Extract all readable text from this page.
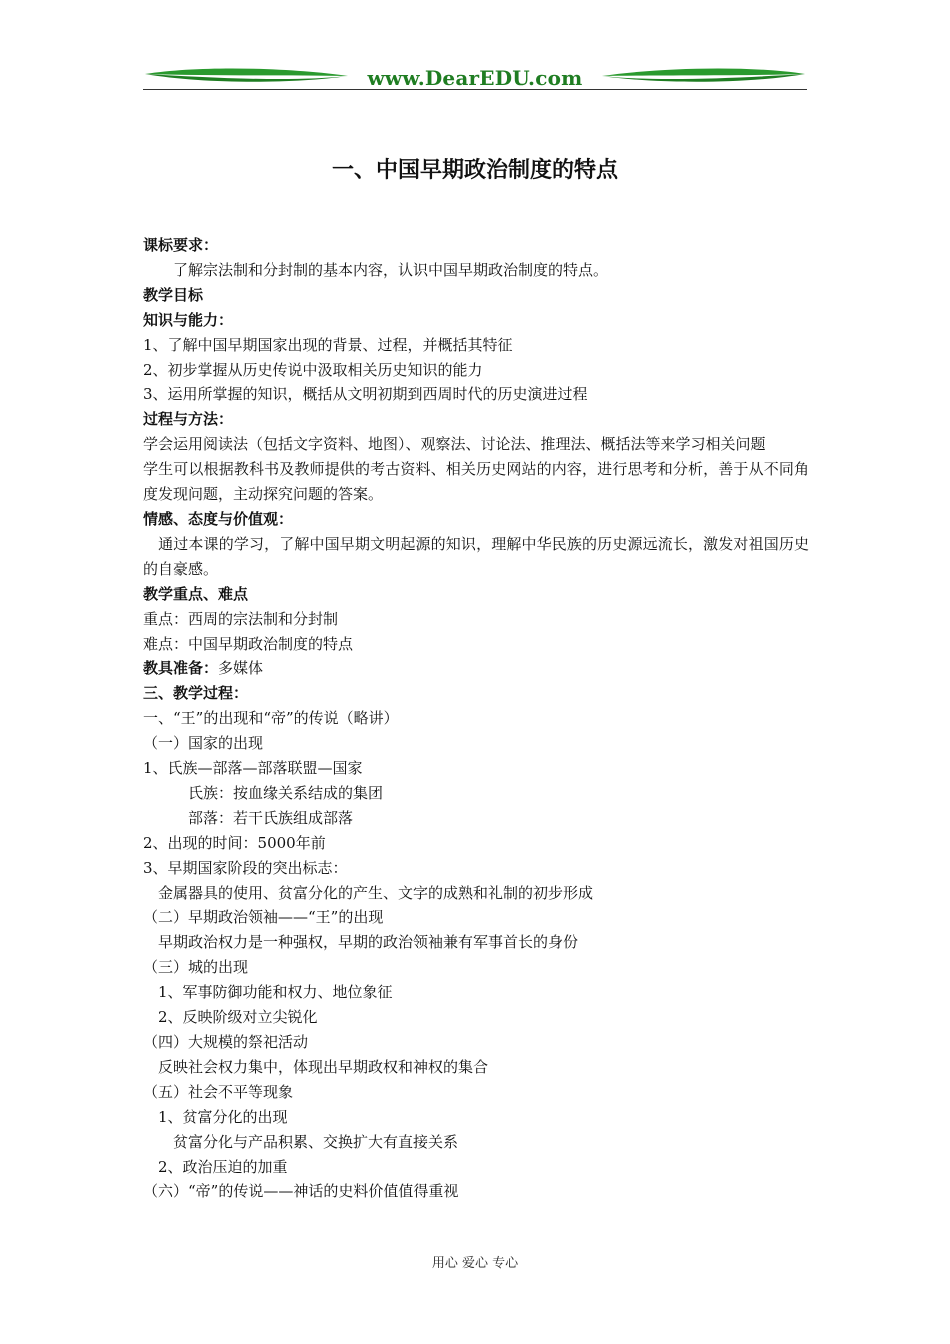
www.DearEDU.com
一、中国早期政治制度的特点
课标要求：
　　了解宗法制和分封制的基本内容，认识中国早期政治制度的特点。
教学目标
知识与能力：
1、了解中国早期国家出现的背景、过程，并概括其特征
2、初步掌握从历史传说中汲取相关历史知识的能力
3、运用所掌握的知识，概括从文明初期到西周时代的历史演进过程
过程与方法：
学会运用阅读法（包括文字资料、地图）、观察法、讨论法、推理法、概括法等来学习相关问题
学生可以根据教科书及教师提供的考古资料、相关历史网站的内容，进行思考和分析，善于从不同角度发现问题，主动探究问题的答案。
情感、态度与价值观：
　通过本课的学习，了解中国早期文明起源的知识，理解中华民族的历史源远流长，激发对祖国历史的自豪感。
教学重点、难点
重点：西周的宗法制和分封制
难点：中国早期政治制度的特点
教具准备：多媒体
三、教学过程：
一、“王”的出现和“帝”的传说（略讲）
（一）国家的出现
1、氏族—部落—部落联盟—国家
　　　氏族：按血缘关系结成的集团
　　　部落：若干氏族组成部落
2、出现的时间：5000年前
3、早期国家阶段的突出标志：
　金属器具的使用、贫富分化的产生、文字的成熟和礼制的初步形成
（二）早期政治领袖——“王”的出现
　早期政治权力是一种强权，早期的政治领袖兼有军事首长的身份
（三）城的出现
　1、军事防御功能和权力、地位象征
　2、反映阶级对立尖锐化
（四）大规模的祭祀活动
　反映社会权力集中，体现出早期政权和神权的集合
（五）社会不平等现象
　1、贫富分化的出现
　　贫富分化与产品积累、交换扩大有直接关系
　2、政治压迫的加重
（六）“帝”的传说——神话的史料价值值得重视
用心 爱心 专心
